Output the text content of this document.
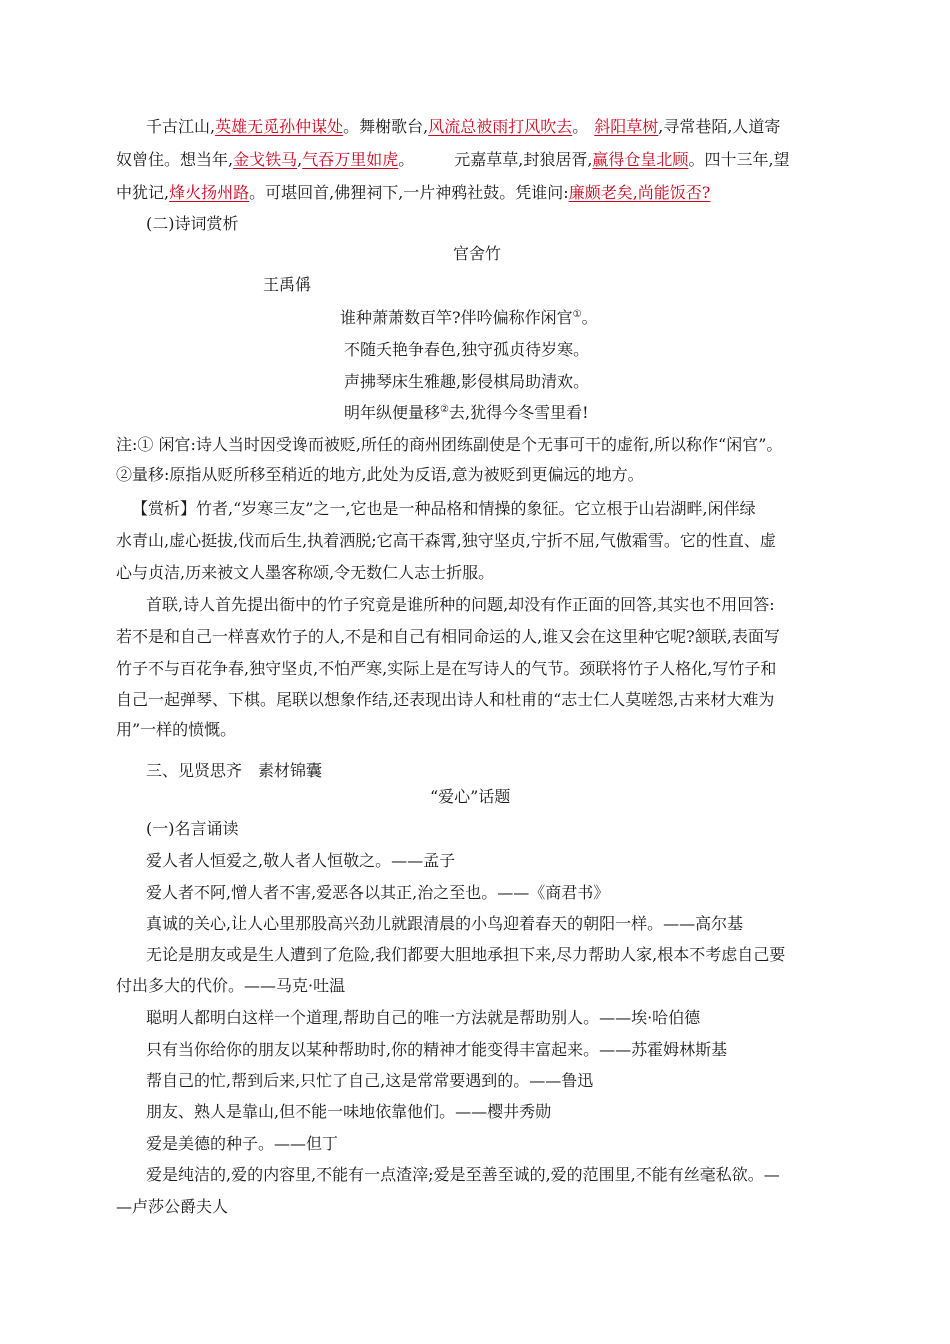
千古江山,英雄无觅孙仲谋处。舞榭歌台,风流总被雨打风吹去。 斜阳草树,寻常巷陌,人道寄
奴曾住。想当年,金戈铁马,气吞万里如虎。	元嘉草草,封狼居胥,赢得仓皇北顾。四十三年,望
中犹记,烽火扬州路。可堪回首,佛狸祠下,一片神鸦社鼓。凭谁问:廉颇老矣,尚能饭否?
(二)诗词赏析
官舍竹
王禹偁
谁种萧萧数百竿?伴吟偏称作闲官①。
不随夭艳争春色,独守孤贞待岁寒。
声拂琴床生雅趣,影侵棋局助清欢。
明年纵便量移②去,犹得今冬雪里看!
注:① 闲官:诗人当时因受谗而被贬,所任的商州团练副使是个无事可干的虚衔,所以称作“闲官”。
②量移:原指从贬所移至稍近的地方,此处为反语,意为被贬到更偏远的地方。
【赏析】竹者,“岁寒三友”之一,它也是一种品格和情操的象征。它立根于山岩湖畔,闲伴绿
水青山,虚心挺拔,伐而后生,执着洒脱;它高干森霄,独守坚贞,宁折不屈,气傲霜雪。它的性直、虚
心与贞洁,历来被文人墨客称颂,令无数仁人志士折服。
首联,诗人首先提出衙中的竹子究竟是谁所种的问题,却没有作正面的回答,其实也不用回答:
若不是和自己一样喜欢竹子的人,不是和自己有相同命运的人,谁又会在这里种它呢?颔联,表面写
竹子不与百花争春,独守坚贞,不怕严寒,实际上是在写诗人的气节。颈联将竹子人格化,写竹子和
自己一起弹琴、下棋。尾联以想象作结,还表现出诗人和杜甫的“志士仁人莫嗟怨,古来材大难为
用”一样的愤慨。
三、见贤思齐　素材锦囊
“爱心”话题
(一)名言诵读
爱人者人恒爱之,敬人者人恒敬之。——孟子
爱人者不阿,憎人者不害,爱恶各以其正,治之至也。——《商君书》
真诚的关心,让人心里那股高兴劲儿就跟清晨的小鸟迎着春天的朝阳一样。——高尔基
无论是朋友或是生人遭到了危险,我们都要大胆地承担下来,尽力帮助人家,根本不考虑自己要
付出多大的代价。——马克·吐温
聪明人都明白这样一个道理,帮助自己的唯一方法就是帮助别人。——埃·哈伯德
只有当你给你的朋友以某种帮助时,你的精神才能变得丰富起来。——苏霍姆林斯基
帮自己的忙,帮到后来,只忙了自己,这是常常要遇到的。——鲁迅
朋友、熟人是靠山,但不能一味地依靠他们。——樱井秀勋
爱是美德的种子。——但丁
爱是纯洁的,爱的内容里,不能有一点渣滓;爱是至善至诚的,爱的范围里,不能有丝毫私欲。—
—卢莎公爵夫人
